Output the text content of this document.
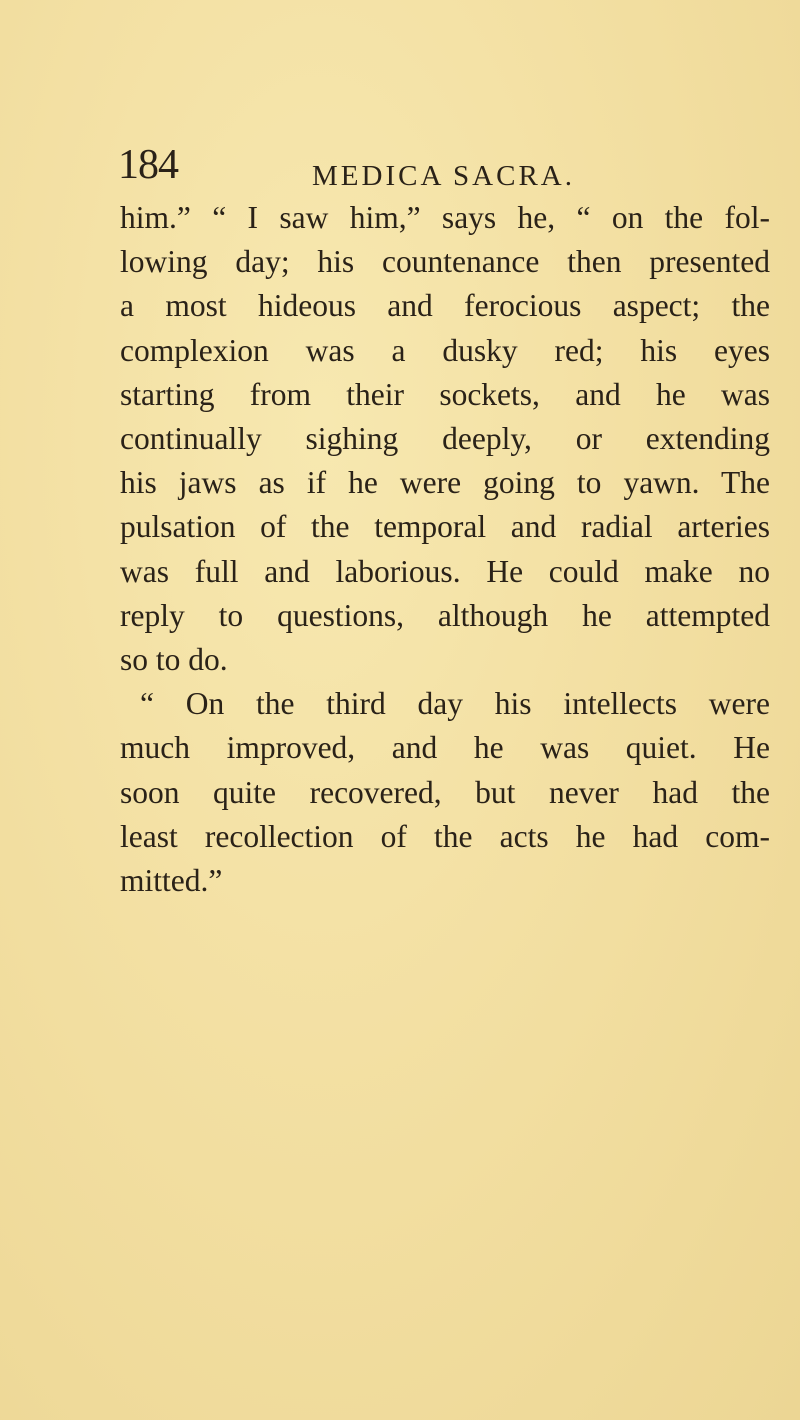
184	MEDICA SACRA.
him.” “ I saw him,” says he, “ on the fol-
lowing day; his countenance then presented
a most hideous and ferocious aspect; the
complexion was a dusky red; his eyes
starting from their sockets, and he was
continually sighing deeply, or extending
his jaws as if he were going to yawn. The
pulsation of the temporal and radial arteries
was full and laborious. He could make no
reply to questions, although he attempted
so to do.
“ On the third day his intellects were
much improved, and he was quiet. He
soon quite recovered, but never had the
least recollection of the acts he had com-
mitted.”
